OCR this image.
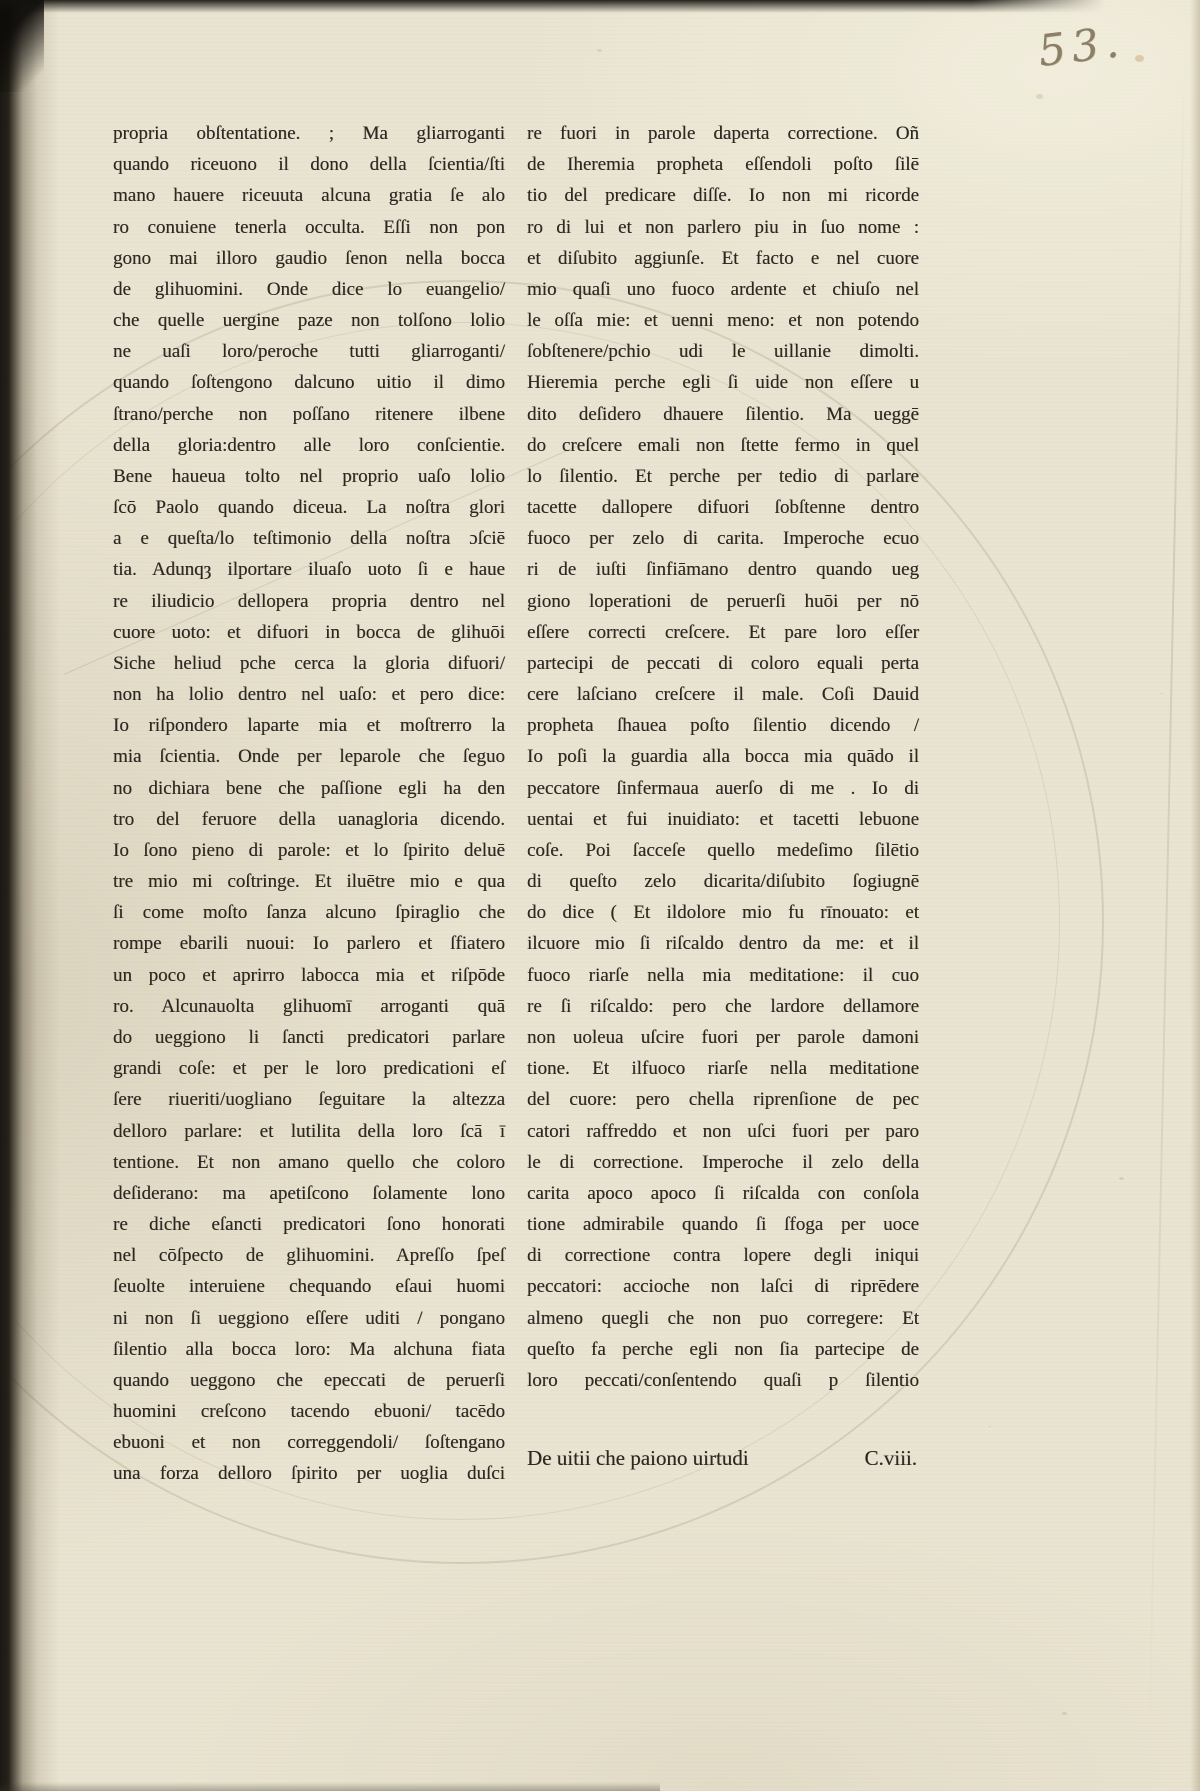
propria obſtentatione. ; Ma gliarroganti
quando riceuono il dono della ſcientia/ſti
mano hauere riceuuta alcuna gratia ſe alo
ro conuiene tenerla occulta. Eſſi non pon
gono mai illoro gaudio ſenon nella bocca
de glihuomini. Onde dice lo euangelio/
che quelle uergine paze non tolſono lolio
ne uaſi loro/peroche tutti gliarroganti/
quando ſoſtengono dalcuno uitio il dimo
ſtrano/perche non poſſano ritenere ilbene
della gloria:dentro alle loro conſcientie.
Bene haueua tolto nel proprio uaſo lolio
ſcō Paolo quando diceua. La noſtra glori
a e queſta/lo teſtimonio della noſtra ɔſciē
tia. Adunqȝ ilportare iluaſo uoto ſi e haue
re iliudicio dellopera propria dentro nel
cuore uoto: et difuori in bocca de glihuōi
Siche heliud pche cerca la gloria difuori/
non ha lolio dentro nel uaſo: et pero dice:
Io riſpondero laparte mia et moſtrerro la
mia ſcientia. Onde per leparole che ſeguo
no dichiara bene che paſſione egli ha den
tro del feruore della uanagloria dicendo.
Io ſono pieno di parole: et lo ſpirito deluē
tre mio mi coſtringe. Et iluētre mio e qua
ſi come moſto ſanza alcuno ſpiraglio che
rompe ebarili nuoui: Io parlero et ſfiatero
un poco et aprirro labocca mia et riſpōde
ro. Alcunauolta glihuomī arroganti quā
do ueggiono li ſancti predicatori parlare
grandi coſe: et per le loro predicationi eſ
ſere riueriti/uogliano ſeguitare la altezza
delloro parlare: et lutilita della loro ſcā ī
tentione. Et non amano quello che coloro
deſiderano: ma apetiſcono ſolamente lono
re diche eſancti predicatori ſono honorati
nel cōſpecto de glihuomini. Apreſſo ſpeſ
ſeuolte interuiene chequando eſaui huomi
ni non ſi ueggiono eſſere uditi / pongano
ſilentio alla bocca loro: Ma alchuna fiata
quando ueggono che epeccati de peruerſi
huomini creſcono tacendo ebuoni/ tacēdo
ebuoni et non correggendoli/ ſoſtengano
una forza delloro ſpirito per uoglia duſci
re fuori in parole daperta correctione. Oñ
de Iheremia propheta eſſendoli poſto ſilē
tio del predicare diſſe. Io non mi ricorde
ro di lui et non parlero piu in ſuo nome :
et diſubito aggiunſe. Et facto e nel cuore
mio quaſi uno fuoco ardente et chiuſo nel
le oſſa mie: et uenni meno: et non potendo
ſobſtenere/pchio udi le uillanie dimolti.
Hieremia perche egli ſi uide non eſſere u
dito deſidero dhauere ſilentio. Ma ueggē
do creſcere emali non ſtette fermo in quel
lo ſilentio. Et perche per tedio di parlare
tacette dallopere difuori ſobſtenne dentro
fuoco per zelo di carita. Imperoche ecuo
ri de iuſti ſinfiāmano dentro quando ueg
giono loperationi de peruerſi huōi per nō
eſſere correcti creſcere. Et pare loro eſſer
partecipi de peccati di coloro equali perta
cere laſciano creſcere il male. Coſi Dauid
propheta ſhauea poſto ſilentio dicendo /
Io poſi la guardia alla bocca mia quādo il
peccatore ſinfermaua auerſo di me . Io di
uentai et fui inuidiato: et tacetti lebuone
coſe. Poi ſacceſe quello medeſimo ſilētio
di queſto zelo dicarita/diſubito ſogiugnē
do dice ( Et ildolore mio fu rīnouato: et
ilcuore mio ſi riſcaldo dentro da me: et il
fuoco riarſe nella mia meditatione: il cuo
re ſi riſcaldo: pero che lardore dellamore
non uoleua uſcire fuori per parole damoni
tione. Et ilfuoco riarſe nella meditatione
del cuore: pero chella riprenſione de pec
catori raffreddo et non uſci fuori per paro
le di correctione. Imperoche il zelo della
carita apoco apoco ſi riſcalda con conſola
tione admirabile quando ſi ſfoga per uoce
di correctione contra lopere degli iniqui
peccatori: accioche non laſci di riprēdere
almeno quegli che non puo corregere: Et
queſto fa perche egli non ſia partecipe de
loro peccati/conſentendo quaſi p ſilentio
De uitii che paiono uirtudi	C.viii.
53.
